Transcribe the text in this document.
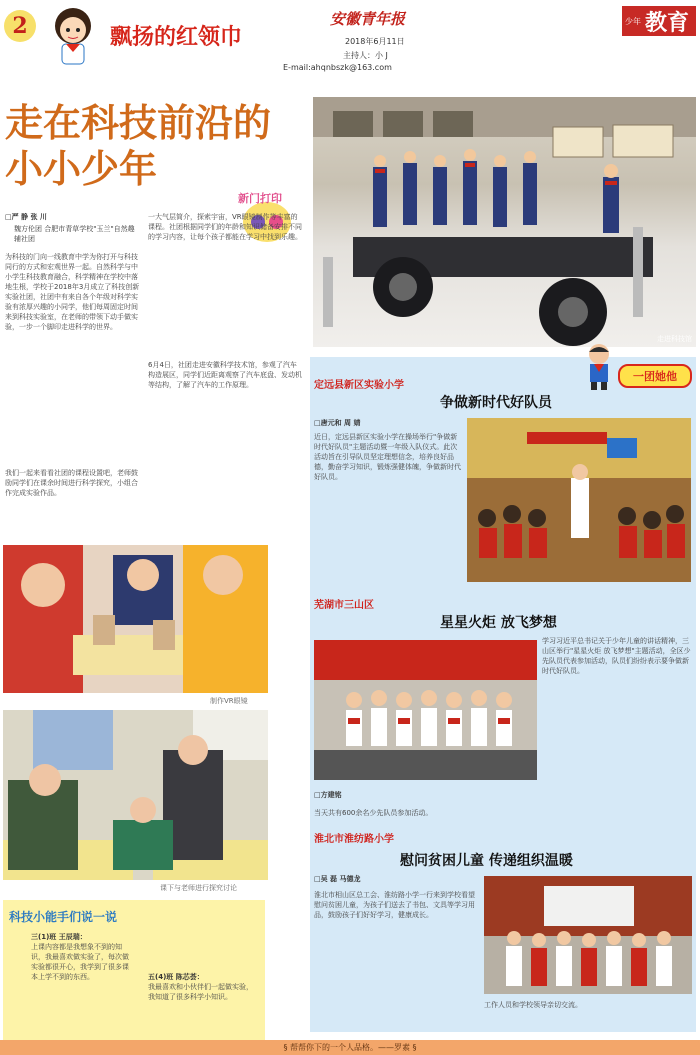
2	飘扬的红领巾
安徽青年报
2018年6月11日
主持人：小 J
E-mail:ahqnbszk@163.com
少年 教育
走在科技前沿的
小小少年
走进科技馆
新门打印
□严 静 张 川
魏方伦团 合肥市青草学校"玉兰"自然趣辅社团
为科技的门向一线教育中学为你打开与科技同行的方式和宏观世界一起。自然科学与中小学生科技教育融合，科学精神在学校中落地生根，学校于2018年3月成立了科技创新实验社团，社团中有来自各个年级对科学实验有浓厚兴趣的小同学，他们每周固定时间来到科技实验室，在老师的带领下动手做实验，一步一个脚印走进科学的世界。
我们一起来看看社团的课程设置吧，老师鼓励同学们在课余时间进行科学探究，小组合作完成实验作品。
一大气层简介，探索宇宙，VR眼镜制作等丰富的课程。社团根据同学们的年龄和知识储备安排不同的学习内容，让每个孩子都能在学习中找到乐趣。
6月4日，社团走进安徽科学技术馆，参观了汽车构造展区，同学们近距离观察了汽车底盘、发动机等结构，了解了汽车的工作原理。
制作VR眼镜
课下与老师进行探究讨论
科技小能手们说一说
三(1)班 王辰瑞：
上课内容都是我想象不到的知识，我最喜欢做实验了，每次做实验都很开心，我学到了很多课本上学不到的东西。	五(4)班 陈芯荟：
我最喜欢和小伙伴们一起做实验，我知道了很多科学小知识。
一团她他
定远县新区实验小学
争做新时代好队员
□唐元和 周 婧
近日，定远县新区实验小学在操场举行"争做新时代好队员"主题活动暨一年级入队仪式。此次活动旨在引导队员坚定理想信念，培养良好品德，勤奋学习知识，锻炼强健体魄，争做新时代好队员。
芜湖市三山区
星星火炬 放飞梦想
学习习近平总书记关于少年儿童的讲话精神，三山区举行"星星火炬 放飞梦想"主题活动，全区少先队员代表参加活动，队员们纷纷表示要争做新时代好队员。
□方建铭
当天共有600余名少先队员参加活动。
淮北市淮纺路小学
慰问贫困儿童 传递组织温暖
□吴 磊 马德龙
淮北市相山区总工会、淮纺路小学一行来到学校看望慰问贫困儿童，为孩子们送去了书包、文具等学习用品，鼓励孩子们好好学习，健康成长。
工作人员和学校领导亲切交流。
§ 帮帮你下的一个人品格。——罗素 §
